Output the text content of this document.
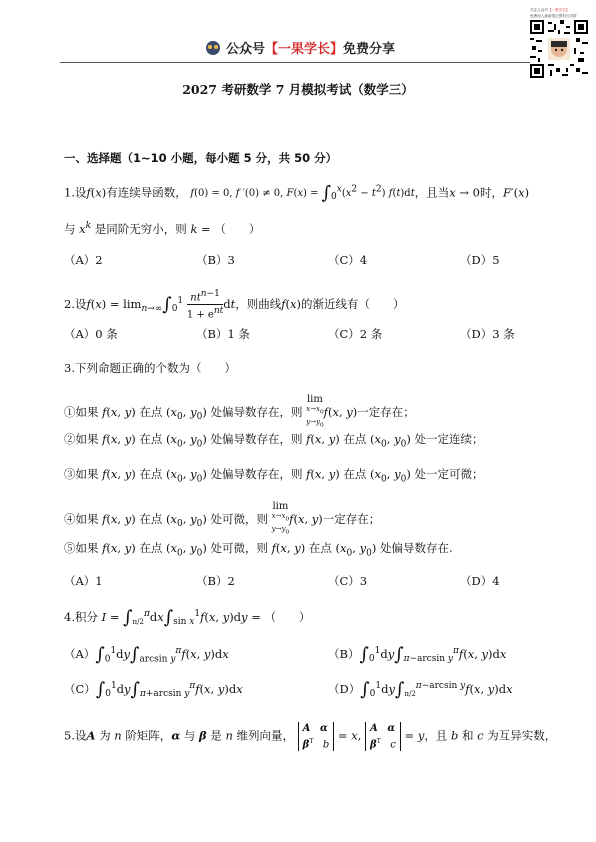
公众号 【一果学长】 免费分享
关注公众号【一果学长】
免费加入最新笔记资料分享群
2027 考研数学 7 月模拟考试（数学三）
一、选择题（1~10 小题，每小题 5 分，共 50 分）
1.设f(x)有连续导函数， f(0) = 0, f ′(0) ≠ 0, $F(x) = \int_0^x(x^2 - t^2)$ f(t)dt，且当x → 0时，F′(x)
与 $x^k$ 是同阶无穷小，则 k = （　　）
（A）2	（B）3	（C）4	（D）5
2.设$f(x) = \lim_{n\to\infty}\int_0^1$ $nt^{n-1}$
$1 + e^{nt}$
dt，则曲线f(x)的渐近线有（　　）
（A）0 条	（B）1 条	（C）2 条	（D）3 条
3.下列命题正确的个数为（　　）
①如果 f(x, y) 在点 ($x_0$, $y_0$) 处偏导数存在，则 lim
$x\to x_0$
$y\to y_0f(x$, y)一定存在；
②如果 f(x, y) 在点 ($x_0$, $y_0$) 处偏导数存在，则 f(x, y) 在点 ($x_0$, $y_0$) 处一定连续；
③如果 f(x, y) 在点 ($x_0$, $y_0$) 处偏导数存在，则 f(x, y) 在点 ($x_0$, $y_0$) 处一定可微；
④如果 f(x, y) 在点 ($x_0$, $y_0$) 处可微，则 lim
$x\to x_0$
$y\to y_0f(x$, y)一定存在；
⑤如果 f(x, y) 在点 ($x_0$, $y_0$) 处可微，则 f(x, y) 在点 ($x_0$, $y_0$) 处偏导数存在.
（A）1	（B）2	（C）3	（D）4
4.积分 $I = \int_{\pi/2}^\pi dx\int_{sin x}^1f(x$, y)dy = （　　）
$(A)\int_0^1dy\int_{arcsin y}^\pi f(x$, y)dx	$(B)\int_0^1dy\int_{\pi-arcsin y}^\pi f(x$, y)dx
$(C)\int_0^1dy\int_{\pi+arcsin y}^\pi f(x$, y)dx	$(D)\int_0^1dy\int_{\pi/2}^{\pi-arcsin y}f(x$, y)dx
5.设A 为 n 阶矩阵，α 与 β 是 n 维列向量， A α
$\beta^T$ b = x, A α
$\beta^T$ c = y，且 b 和 c 为互异实数，
